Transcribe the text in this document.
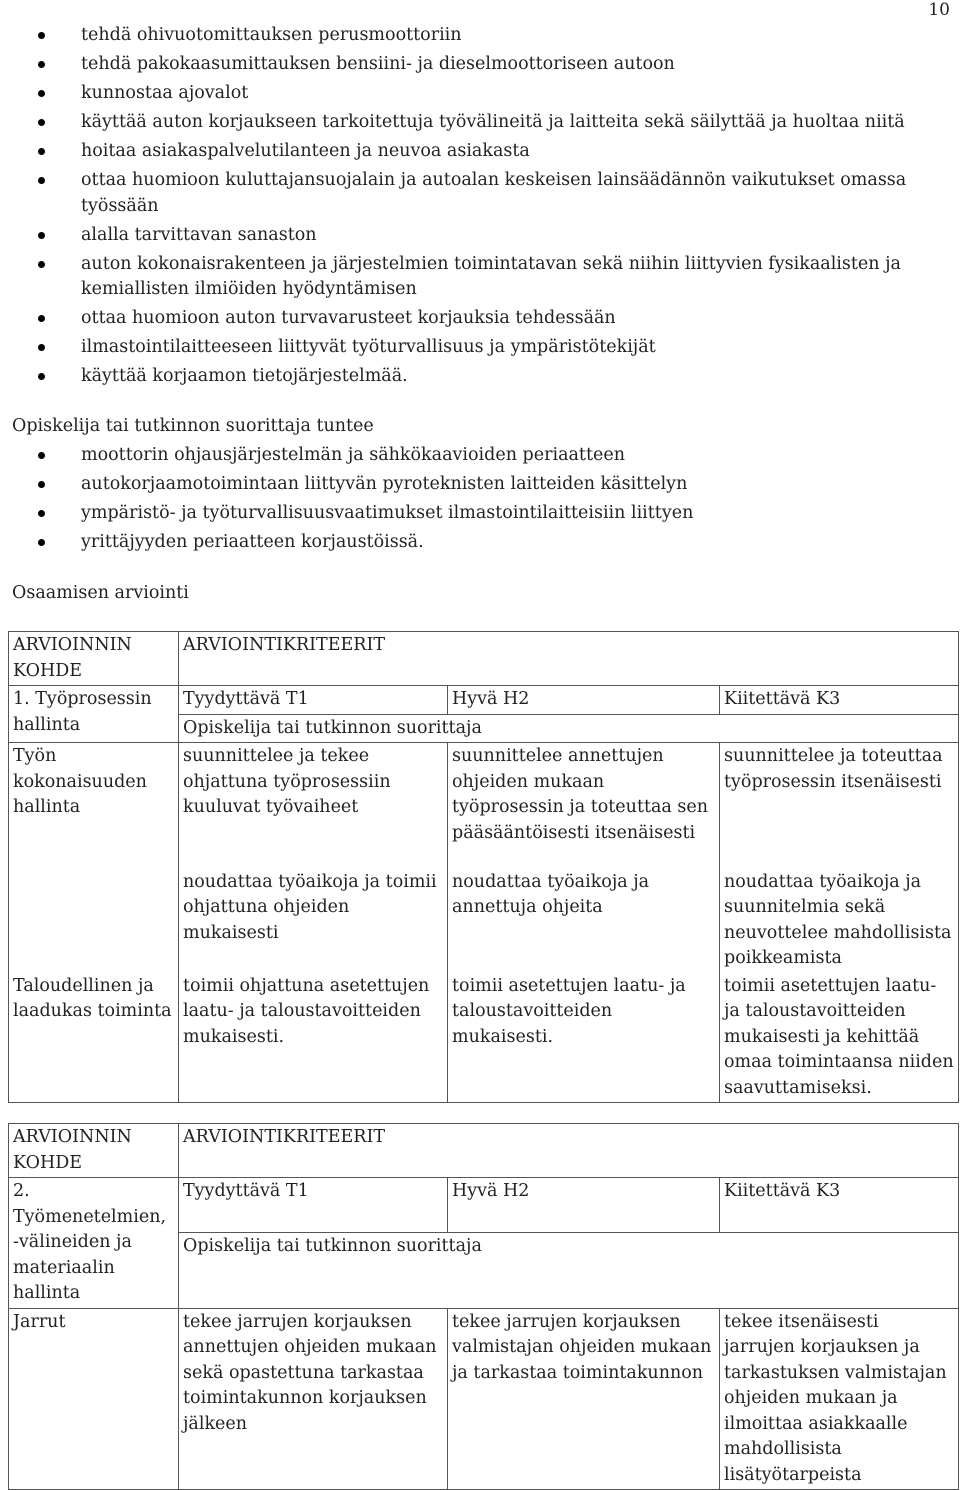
10
tehdä ohivuotomittauksen perusmoottoriin
tehdä pakokaasumittauksen bensiini- ja dieselmoottoriseen autoon
kunnostaa ajovalot
käyttää auton korjaukseen tarkoitettuja työvälineitä ja laitteita sekä säilyttää ja huoltaa niitä
hoitaa asiakaspalvelutilanteen ja neuvoa asiakasta
ottaa huomioon kuluttajansuojalain ja autoalan keskeisen lainsäädännön vaikutukset omassa työssään
alalla tarvittavan sanaston
auton kokonaisrakenteen ja järjestelmien toimintatavan sekä niihin liittyvien fysikaalisten ja kemiallisten ilmiöiden hyödyntämisen
ottaa huomioon auton turvavarusteet korjauksia tehdessään
ilmastointilaitteeseen liittyvät työturvallisuus ja ympäristötekijät
käyttää korjaamon tietojärjestelmää.

Opiskelija tai tutkinnon suorittaja tuntee

moottorin ohjausjärjestelmän ja sähkökaavioiden periaatteen
autokorjaamotoimintaan liittyvän pyroteknisten laitteiden käsittelyn
ympäristö- ja työturvallisuusvaatimukset ilmastointilaitteisiin liittyen
yrittäjyyden periaatteen korjaustöissä.

Osaamisen arviointi

ARVIOINNIN KOHDE	ARVIOINTIKRITEERIT		
1. Työprosessin hallinta	Tyydyttävä T1	Hyvä H2	Kiitettävä K3
	Opiskelija tai tutkinnon suorittaja		
Työn kokonaisuuden hallinta	suunnittelee ja tekee ohjattuna työprosessiin kuuluvat työvaiheet	suunnittelee annettujen ohjeiden mukaan työprosessin ja toteuttaa sen pääsääntöisesti itsenäisesti	suunnittelee ja toteuttaa työprosessin itsenäisesti
	noudattaa työaikoja ja toimii ohjattuna ohjeiden mukaisesti	noudattaa työaikoja ja annettuja ohjeita	noudattaa työaikoja ja suunnitelmia sekä neuvottelee mahdollisista poikkeamista
Taloudellinen ja laadukas toiminta	toimii ohjattuna asetettujen laatu- ja taloustavoitteiden mukaisesti.	toimii asetettujen laatu- ja taloustavoitteiden mukaisesti.	toimii asetettujen laatu- ja taloustavoitteiden mukaisesti ja kehittää omaa toimintaansa niiden saavuttamiseksi.
ARVIOINNIN KOHDE	ARVIOINTIKRITEERIT		
2. Työmenetelmien, -välineiden ja materiaalin hallinta	Tyydyttävä T1	Hyvä H2	Kiitettävä K3
	Opiskelija tai tutkinnon suorittaja		
Jarrut	tekee jarrujen korjauksen annettujen ohjeiden mukaan sekä opastettuna tarkastaa toimintakunnon korjauksen jälkeen	tekee jarrujen korjauksen valmistajan ohjeiden mukaan ja tarkastaa toimintakunnon	tekee itsenäisesti jarrujen korjauksen ja tarkastuksen valmistajan ohjeiden mukaan ja ilmoittaa asiakkaalle mahdollisista lisätyötarpeista
